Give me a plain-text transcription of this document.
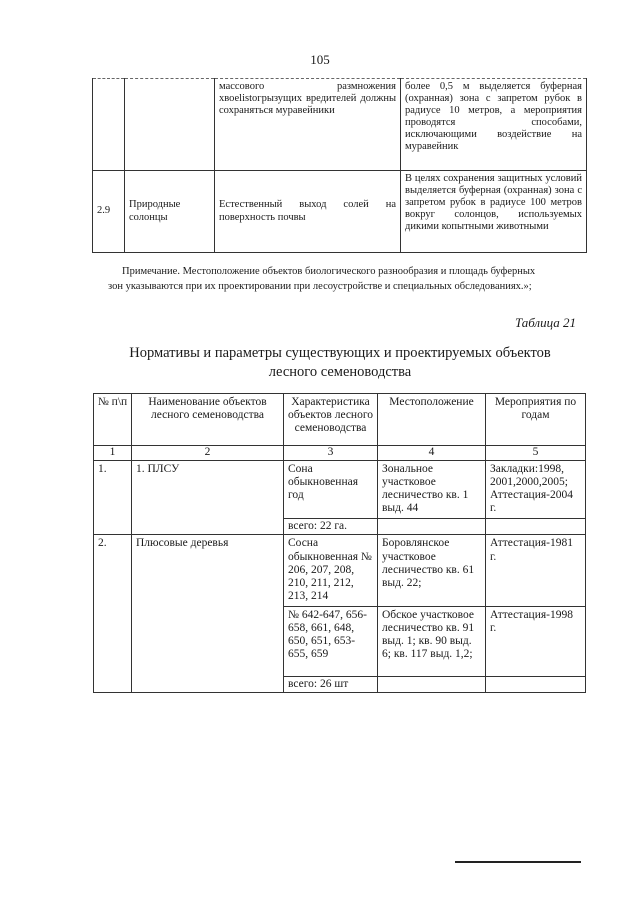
105
		массового размножения хвоеlistогрызущих вредителей должны сохраняться муравейники	более 0,5 м выделяется буферная (охранная) зона с запретом рубок в радиусе 10 метров, а мероприятия проводятся способами, исключающими воздействие на муравейник
2.9	Природные солонцы	Естественный выход солей на поверхность почвы	В целях сохранения защитных условий выделяется буферная (охранная) зона с запретом рубок в радиусе 100 метров вокруг солонцов, используемых дикими копытными животными
Примечание. Местоположение объектов биологического разнообразия и площадь буферных
зон указываются при их проектировании при лесоустройстве и специальных обследованиях.»;
Таблица 21
Нормативы и параметры существующих и проектируемых объектов
лесного семеноводства
№ п\п	Наименование объектов лесного семеноводства	Характеристика объектов лесного семеноводства	Местоположение	Мероприятия по годам
1	2	3	4	5
1.	1. ПЛСУ	Сона обыкновенная год	Зональное участковое лесничество кв. 1 выд. 44	Закладки:1998, 2001,2000,2005; Аттестация-2004 г.
		всего: 22 га.		
2.	Плюсовые деревья	Сосна обыкновенная № 206, 207, 208, 210, 211, 212, 213, 214	Боровлянское участковое лесничество кв. 61 выд. 22;	Аттестация-1981 г.
		№ 642-647, 656-658, 661, 648, 650, 651, 653-655, 659	Обское участковое лесничество кв. 91 выд. 1; кв. 90 выд. 6; кв. 117 выд. 1,2;	Аттестация-1998 г.
		всего: 26 шт		
